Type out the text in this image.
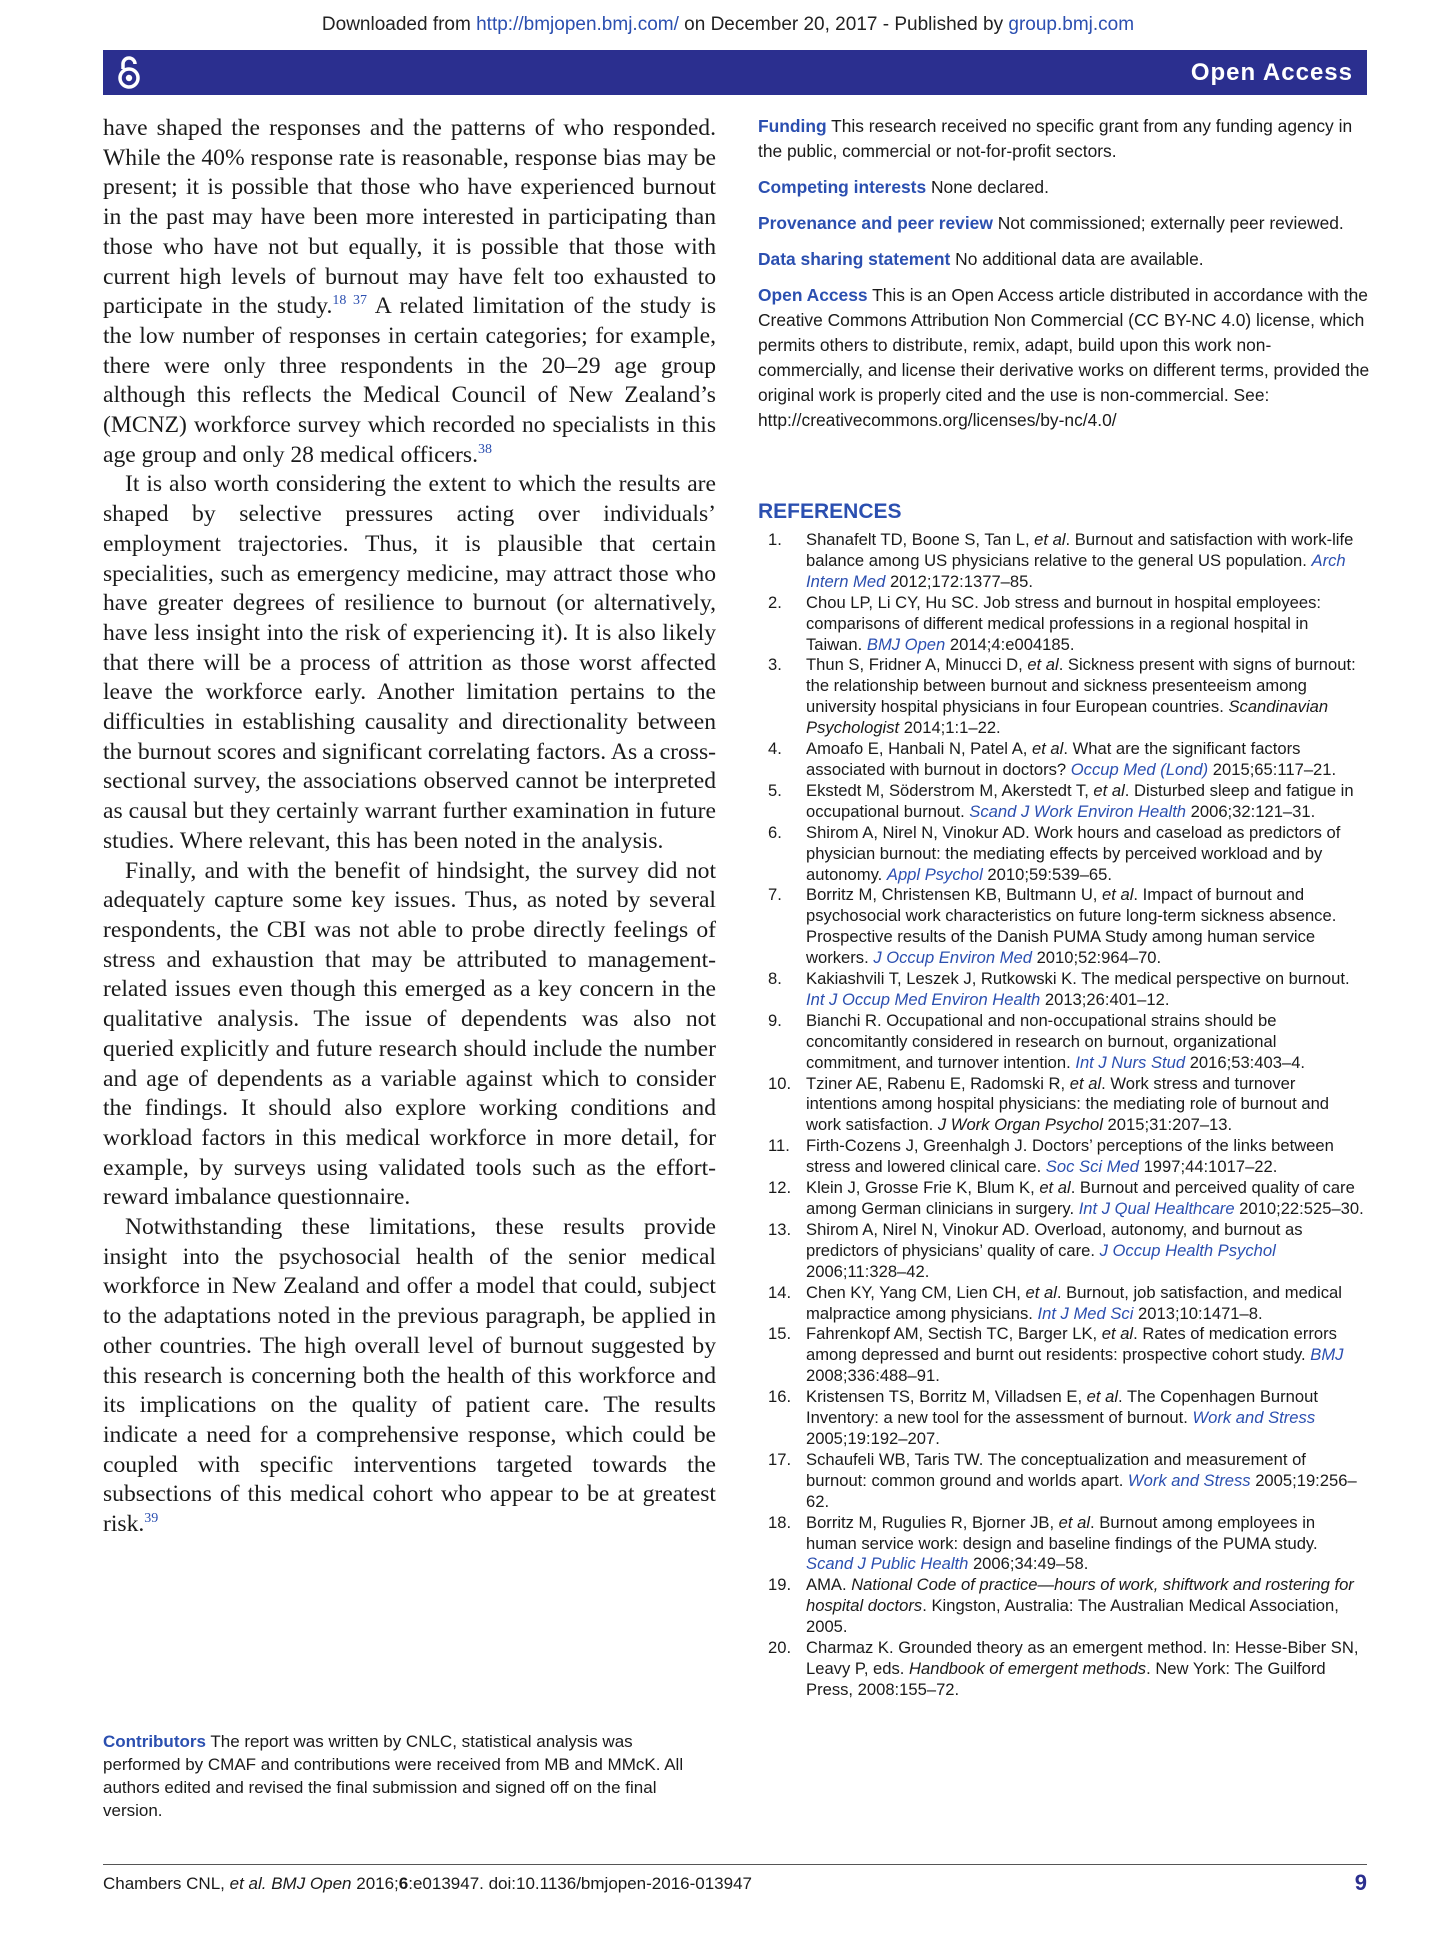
Downloaded from http://bmjopen.bmj.com/ on December 20, 2017 - Published by group.bmj.com
Open Access

have shaped the responses and the patterns of who responded. While the 40% response rate is reasonable, response bias may be present; it is possible that those who have experienced burnout in the past may have been more interested in participating than those who have not but equally, it is possible that those with current high levels of burnout may have felt too exhausted to participate in the study.$^{18 37}$ A related limitation of the study is the low number of responses in certain categories; for example, there were only three respondents in the 20–29 age group although this reflects the Medical Council of New Zealand’s (MCNZ) workforce survey which recorded no specialists in this age group and only 28 medical officers.$^{38}$

It is also worth considering the extent to which the results are shaped by selective pressures acting over individuals’ employment trajectories. Thus, it is plausible that certain specialities, such as emergency medicine, may attract those who have greater degrees of resilience to burnout (or alternatively, have less insight into the risk of experiencing it). It is also likely that there will be a process of attrition as those worst affected leave the workforce early. Another limitation pertains to the difficulties in establishing causality and directionality between the burnout scores and significant correlating factors. As a cross-sectional survey, the associations observed cannot be interpreted as causal but they certainly warrant further examination in future studies. Where relevant, this has been noted in the analysis.

Finally, and with the benefit of hindsight, the survey did not adequately capture some key issues. Thus, as noted by several respondents, the CBI was not able to probe directly feelings of stress and exhaustion that may be attributed to management-related issues even though this emerged as a key concern in the qualitative analysis. The issue of dependents was also not queried explicitly and future research should include the number and age of dependents as a variable against which to consider the findings. It should also explore working conditions and workload factors in this medical workforce in more detail, for example, by surveys using validated tools such as the effort-reward imbalance questionnaire.

Notwithstanding these limitations, these results provide insight into the psychosocial health of the senior medical workforce in New Zealand and offer a model that could, subject to the adaptations noted in the previous paragraph, be applied in other countries. The high overall level of burnout suggested by this research is concerning both the health of this workforce and its implications on the quality of patient care. The results indicate a need for a comprehensive response, which could be coupled with specific interventions targeted towards the subsections of this medical cohort who appear to be at greatest risk.$^{39}$

Contributors The report was written by CNLC, statistical analysis was performed by CMAF and contributions were received from MB and MMcK. All authors edited and revised the final submission and signed off on the final version.

Funding This research received no specific grant from any funding agency in the public, commercial or not-for-profit sectors.

Competing interests None declared.

Provenance and peer review Not commissioned; externally peer reviewed.

Data sharing statement No additional data are available.

Open Access This is an Open Access article distributed in accordance with the Creative Commons Attribution Non Commercial (CC BY-NC 4.0) license, which permits others to distribute, remix, adapt, build upon this work non-commercially, and license their derivative works on different terms, provided the original work is properly cited and the use is non-commercial. See: http://creativecommons.org/licenses/by-nc/4.0/

REFERENCES
1. Shanafelt TD, Boone S, Tan L, et al. Burnout and satisfaction with work-life balance among US physicians relative to the general US population. Arch Intern Med 2012;172:1377–85.
2. Chou LP, Li CY, Hu SC. Job stress and burnout in hospital employees: comparisons of different medical professions in a regional hospital in Taiwan. BMJ Open 2014;4:e004185.
3. Thun S, Fridner A, Minucci D, et al. Sickness present with signs of burnout: the relationship between burnout and sickness presenteeism among university hospital physicians in four European countries. Scandinavian Psychologist 2014;1:1–22.
4. Amoafo E, Hanbali N, Patel A, et al. What are the significant factors associated with burnout in doctors? Occup Med (Lond) 2015;65:117–21.
5. Ekstedt M, Söderstrom M, Akerstedt T, et al. Disturbed sleep and fatigue in occupational burnout. Scand J Work Environ Health 2006;32:121–31.
6. Shirom A, Nirel N, Vinokur AD. Work hours and caseload as predictors of physician burnout: the mediating effects by perceived workload and by autonomy. Appl Psychol 2010;59:539–65.
7. Borritz M, Christensen KB, Bultmann U, et al. Impact of burnout and psychosocial work characteristics on future long-term sickness absence. Prospective results of the Danish PUMA Study among human service workers. J Occup Environ Med 2010;52:964–70.
8. Kakiashvili T, Leszek J, Rutkowski K. The medical perspective on burnout. Int J Occup Med Environ Health 2013;26:401–12.
9. Bianchi R. Occupational and non-occupational strains should be concomitantly considered in research on burnout, organizational commitment, and turnover intention. Int J Nurs Stud 2016;53:403–4.
10. Tziner AE, Rabenu E, Radomski R, et al. Work stress and turnover intentions among hospital physicians: the mediating role of burnout and work satisfaction. J Work Organ Psychol 2015;31:207–13.
11. Firth-Cozens J, Greenhalgh J. Doctors’ perceptions of the links between stress and lowered clinical care. Soc Sci Med 1997;44:1017–22.
12. Klein J, Grosse Frie K, Blum K, et al. Burnout and perceived quality of care among German clinicians in surgery. Int J Qual Healthcare 2010;22:525–30.
13. Shirom A, Nirel N, Vinokur AD. Overload, autonomy, and burnout as predictors of physicians’ quality of care. J Occup Health Psychol 2006;11:328–42.
14. Chen KY, Yang CM, Lien CH, et al. Burnout, job satisfaction, and medical malpractice among physicians. Int J Med Sci 2013;10:1471–8.
15. Fahrenkopf AM, Sectish TC, Barger LK, et al. Rates of medication errors among depressed and burnt out residents: prospective cohort study. BMJ 2008;336:488–91.
16. Kristensen TS, Borritz M, Villadsen E, et al. The Copenhagen Burnout Inventory: a new tool for the assessment of burnout. Work and Stress 2005;19:192–207.
17. Schaufeli WB, Taris TW. The conceptualization and measurement of burnout: common ground and worlds apart. Work and Stress 2005;19:256–62.
18. Borritz M, Rugulies R, Bjorner JB, et al. Burnout among employees in human service work: design and baseline findings of the PUMA study. Scand J Public Health 2006;34:49–58.
19. AMA. National Code of practice—hours of work, shiftwork and rostering for hospital doctors. Kingston, Australia: The Australian Medical Association, 2005.
20. Charmaz K. Grounded theory as an emergent method. In: Hesse-Biber SN, Leavy P, eds. Handbook of emergent methods. New York: The Guilford Press, 2008:155–72.
Chambers CNL, et al. BMJ Open 2016;6:e013947. doi:10.1136/bmjopen-2016-013947	9
